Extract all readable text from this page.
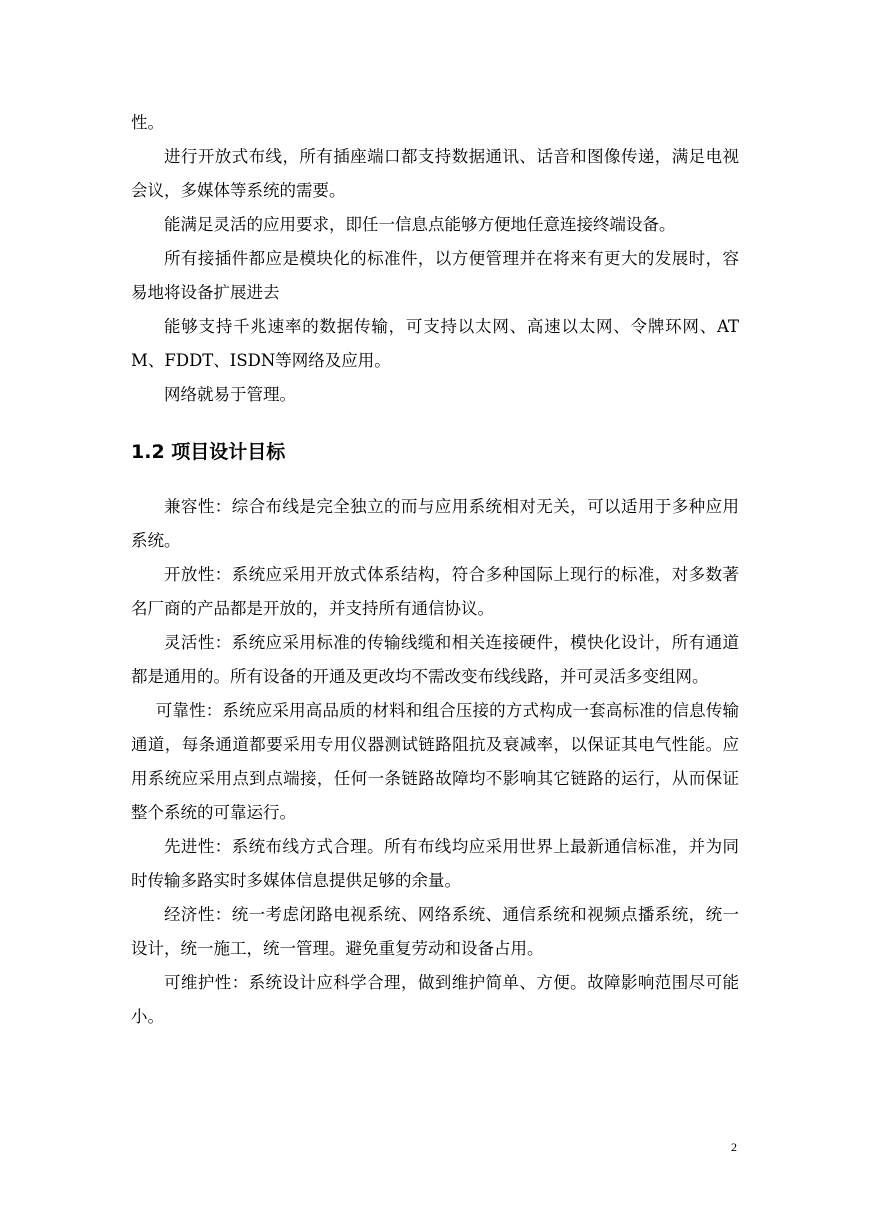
性。

进行开放式布线，所有插座端口都支持数据通讯、话音和图像传递，满足电视会议，多媒体等系统的需要。

能满足灵活的应用要求，即任一信息点能够方便地任意连接终端设备。

所有接插件都应是模块化的标准件，以方便管理并在将来有更大的发展时，容易地将设备扩展进去

能够支持千兆速率的数据传输，可支持以太网、高速以太网、令牌环网、ATM、FDDT、ISDN等网络及应用。

网络就易于管理。

1.2 项目设计目标

兼容性：综合布线是完全独立的而与应用系统相对无关，可以适用于多种应用系统。

开放性：系统应采用开放式体系结构，符合多种国际上现行的标准，对多数著名厂商的产品都是开放的，并支持所有通信协议。

灵活性：系统应采用标准的传输线缆和相关连接硬件，模快化设计，所有通道都是通用的。所有设备的开通及更改均不需改变布线线路，并可灵活多变组网。

可靠性：系统应采用高品质的材料和组合压接的方式构成一套高标准的信息传输通道，每条通道都要采用专用仪器测试链路阻抗及衰减率，以保证其电气性能。应用系统应采用点到点端接，任何一条链路故障均不影响其它链路的运行，从而保证整个系统的可靠运行。

先进性：系统布线方式合理。所有布线均应采用世界上最新通信标准，并为同时传输多路实时多媒体信息提供足够的余量。

经济性：统一考虑闭路电视系统、网络系统、通信系统和视频点播系统，统一设计，统一施工，统一管理。避免重复劳动和设备占用。

可维护性：系统设计应科学合理，做到维护简单、方便。故障影响范围尽可能小。

2
